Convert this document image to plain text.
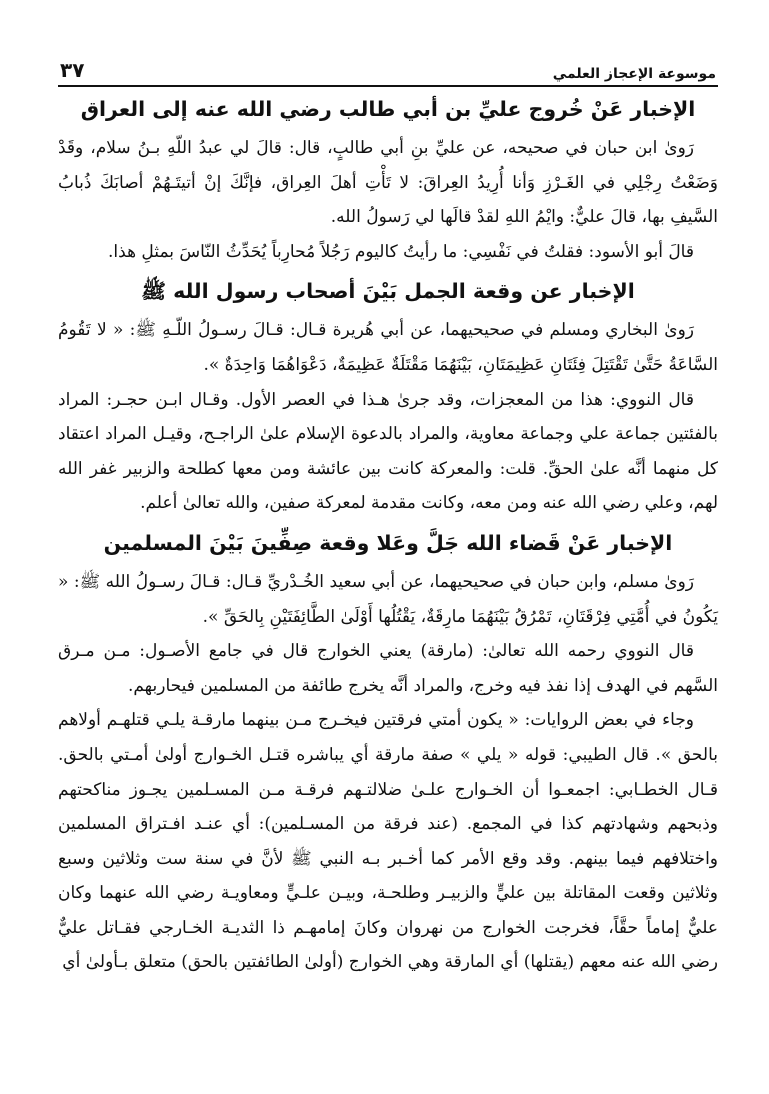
موسوعة الإعجاز العلمي
٣٧
الإخبار عَنْ خُروج عليِّ بن أبي طالب رضي الله عنه إلى العراق

رَوىٰ ابن حبان في صحيحه، عن عليِّ بنِ أبي طالبٍ، قال: قالَ لي عبدُ اللّهِ بـنُ سلام، وقَدْ وَضَعْتُ رِجْلِي في الغَـرْزِ وَأنا أُرِيدُ العِراقَ: لا تَأْتِ أهلَ العِراق، فإنَّكَ إنْ أتيتَـهُمْ أصابَكَ ذُبابُ السَّيفِ بها، قالَ عليٌّ: وايْمُ اللهِ لقدْ قالَها لي رَسولُ الله.

قالَ أبو الأسود: فقلتُ في نَفْسِي: ما رأيتُ كاليوم رَجُلاً مُحارِباً يُحَدِّثُ النّاسَ بمثلِ هذا.

الإخبار عن وقعة الجمل بَيْنَ أصحاب رسول الله ﷺ

رَوىٰ البخاري ومسلم في صحيحيهما، عن أبي هُريرة قـال: قـالَ رسـولُ اللّـهِ ﷺ: « لا تَقُومُ السَّاعَةُ حَتَّىٰ تَقْتَتِلَ فِئَتَانِ عَظِيمَتَانِ، بَيْنَهُمَا مَقْتَلَةٌ عَظِيمَةٌ، دَعْوَاهُمَا وَاحِدَةٌ ».

قال النووي: هذا من المعجزات، وقد جرىٰ هـذا في العصر الأول. وقـال ابـن حجـر: المراد بالفئتين جماعة علي وجماعة معاوية، والمراد بالدعوة الإسلام علىٰ الراجـح، وقيـل المراد اعتقاد كل منهما أنَّه علىٰ الحقِّ. قلت: والمعركة كانت بين عائشة ومن معها كطلحة والزبير غفر الله لهم، وعلي رضي الله عنه ومن معه، وكانت مقدمة لمعركة صفين، والله تعالىٰ أعلم.

الإخبار عَنْ قَضاء الله جَلَّ وعَلا وقعة صِفِّينَ بَيْنَ المسلمين

رَوىٰ مسلم، وابن حبان في صحيحيهما، عن أبي سعيد الخُـدْريِّ قـال: قـالَ رسـولُ الله ﷺ: « يَكُونُ في أُمَّتِي فِرْقَتَانِ، تَمْرُقُ بَيْنَهُمَا مارِقَةٌ، يَقْتُلُها أَوْلَىٰ الطَّائِفَتَيْنِ بِالحَقِّ ».

قال النووي رحمه الله تعالىٰ: (مارقة) يعني الخوارج قال في جامع الأصـول: مـن مـرق السَّهم في الهدف إذا نفذ فيه وخرج، والمراد أنَّه يخرج طائفة من المسلمين فيحاربهم.

وجاء في بعض الروايات: « يكون أمتي فرقتين فيخـرج مـن بينهما مارقـة يلـي قتلهـم أولاهم بالحق ». قال الطيبي: قوله « يلي » صفة مارقة أي يباشره قتـل الخـوارج أولىٰ أمـتي بالحق. قـال الخطـابي: اجمعـوا أن الخـوارج علـىٰ ضلالتـهم فرقـة مـن المسـلمين يجـوز مناكحتهم وذبحهم وشهادتهم كذا في المجمع. (عند فرقة من المسـلمين): أي عنـد افـتراق المسلمين واختلافهم فيما بينهم. وقد وقع الأمر كما أخـبر بـه النبي ﷺ لأنَّ في سنة ست وثلاثين وسبع وثلاثين وقعت المقاتلة بين عليٍّ والزبيـر وطلحـة، وبيـن علـيٍّ ومعاويـة رضي الله عنهما وكان عليٌّ إماماً حقَّاً، فخرجت الخوارج من نهروان وكانَ إمامهـم ذا الثديـة الخـارجي فقـاتل عليٌّ رضي الله عنه معهم (يقتلها) أي المارقة وهي الخوارج (أولىٰ الطائفتين بالحق) متعلق بـأولىٰ أي
